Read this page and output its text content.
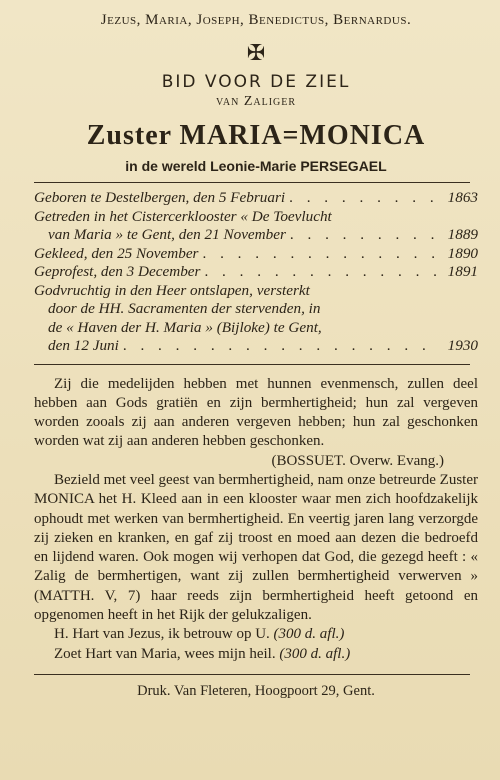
Jezus, Maria, Joseph, Benedictus, Bernardus.
✠
BID VOOR DE ZIEL
van Zaliger
Zuster MARIA=MONICA
in de wereld Leonie-Marie PERSEGAEL
Geboren te Destelbergen, den 5 Februari . . .	1863
Getreden in het Cistercerklooster « De Toevlucht
van Maria » te Gent, den 21 November . . .	1889
Gekleed, den 25 November . . .	1890
Geprofest, den 3 December . . .	1891
Godvruchtig in den Heer ontslapen, versterkt
door de HH. Sacramenten der stervenden, in
de « Haven der H. Maria » (Bijloke) te Gent,
den 12 Juni . . .	1930

Zij die medelijden hebben met hunnen evenmensch, zullen deel hebben aan Gods gratiën en zijn bermhertigheid; hun zal vergeven worden zooals zij aan anderen vergeven hebben; hun zal geschonken worden wat zij aan anderen hebben geschonken.

(BOSSUET. Overw. Evang.)

Bezield met veel geest van bermhertigheid, nam onze betreurde Zuster MONICA het H. Kleed aan in een klooster waar men zich hoofdzakelijk ophoudt met werken van bermhertigheid. En veertig jaren lang verzorgde zij zieken en kranken, en gaf zij troost en moed aan dezen die bedroefd en lijdend waren. Ook mogen wij verhopen dat God, die gezegd heeft : « Zalig de bermhertigen, want zij zullen bermhertigheid verwerven » (MATTH. V, 7) haar reeds zijn bermhertigheid heeft getoond en opgenomen heeft in het Rijk der gelukzaligen.

H. Hart van Jezus, ik betrouw op U. (300 d. afl.)

Zoet Hart van Maria, wees mijn heil. (300 d. afl.)

Druk. Van Fleteren, Hoogpoort 29, Gent.
